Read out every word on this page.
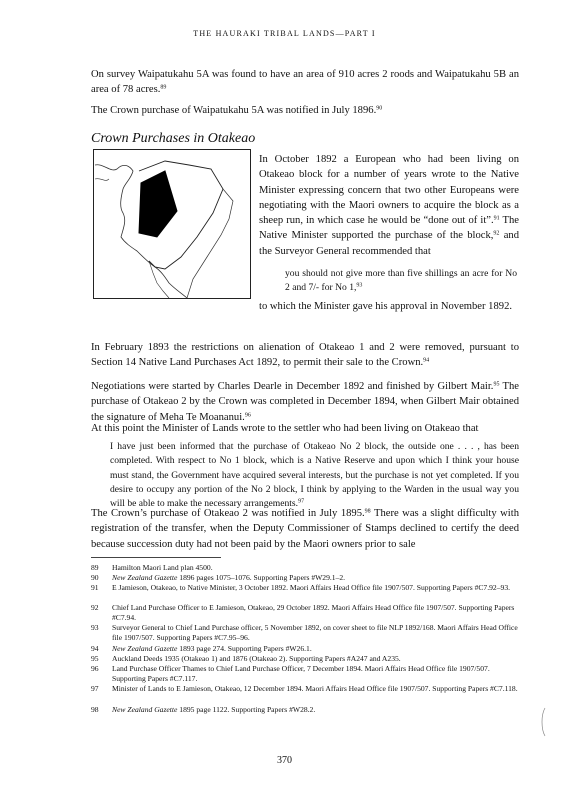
THE HAURAKI TRIBAL LANDS—PART I

On survey Waipatukahu 5A was found to have an area of 910 acres 2 roods and Waipatukahu 5B an area of 78 acres.$^{89}$

The Crown purchase of Waipatukahu 5A was notified in July 1896.90

Crown Purchases in Otakeao

In October 1892 a European who had been living on Otakeao block for a number of years wrote to the Native Minister expressing concern that two other Europeans were negotiating with the Maori owners to acquire the block as a sheep run, in which case he would be “done out of it”.$^{91}$ The Native Minister supported the purchase of the block,$^{92}$ and the Surveyor General recommended that

you should not give more than five shillings an acre for No 2 and 7/- for No 1,93

to which the Minister gave his approval in November 1892.

In February 1893 the restrictions on alienation of Otakeao 1 and 2 were removed, pursuant to Section 14 Native Land Purchases Act 1892, to permit their sale to the Crown.$^{94}$

Negotiations were started by Charles Dearle in December 1892 and finished by Gilbert Mair.$^{95}$ The purchase of Otakeao 2 by the Crown was completed in December 1894, when Gilbert Mair obtained the signature of Meha Te Moananui.$^{96}$

At this point the Minister of Lands wrote to the settler who had been living on Otakeao that

I have just been informed that the purchase of Otakeao No 2 block, the outside one . . . , has been completed. With respect to No 1 block, which is a Native Reserve and upon which I think your house must stand, the Government have acquired several interests, but the purchase is not yet completed. If you desire to occupy any portion of the No 2 block, I think by applying to the Warden in the usual way you will be able to make the necessary arrangements.$^{97}$

The Crown’s purchase of Otakeao 2 was notified in July 1895.98 There was a slight difficulty with registration of the transfer, when the Deputy Commissioner of Stamps declined to certify the deed because succession duty had not been paid by the Maori owners prior to sale

89 Hamilton Maori Land plan 4500.

90 New Zealand Gazette 1896 pages 1075–1076. Supporting Papers #W29.1–2.

91 E Jamieson, Otakeao, to Native Minister, 3 October 1892. Maori Affairs Head Office file 1907/507. Supporting Papers #C7.92–93.

92 Chief Land Purchase Officer to E Jamieson, Otakeao, 29 October 1892. Maori Affairs Head Office file 1907/507. Supporting Papers #C7.94.

93 Surveyor General to Chief Land Purchase officer, 5 November 1892, on cover sheet to file NLP 1892/168. Maori Affairs Head Office file 1907/507. Supporting Papers #C7.95–96.

94 New Zealand Gazette 1893 page 274. Supporting Papers #W26.1.

95 Auckland Deeds 1935 (Otakeao 1) and 1876 (Otakeao 2). Supporting Papers #A247 and A235.

96 Land Purchase Officer Thames to Chief Land Purchase Officer, 7 December 1894. Maori Affairs Head Office file 1907/507. Supporting Papers #C7.117.

97 Minister of Lands to E Jamieson, Otakeao, 12 December 1894. Maori Affairs Head Office file 1907/507. Supporting Papers #C7.118.

98 New Zealand Gazette 1895 page 1122. Supporting Papers #W28.2.

370
